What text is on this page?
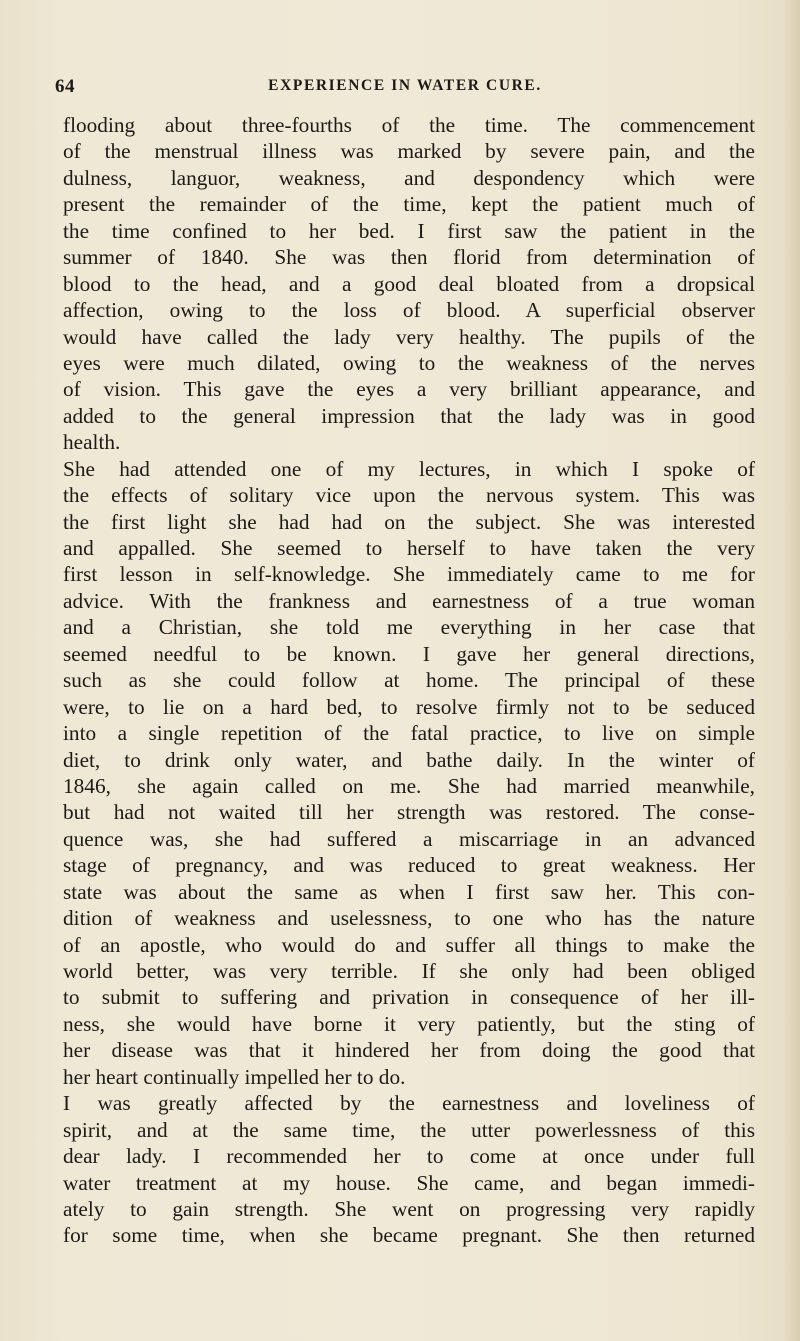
64	EXPERIENCE IN WATER CURE.
flooding about three-fourths of the time. The commencement
of the menstrual illness was marked by severe pain, and the
dulness, languor, weakness, and despondency which were
present the remainder of the time, kept the patient much of
the time confined to her bed. I first saw the patient in the
summer of 1840. She was then florid from determination of
blood to the head, and a good deal bloated from a dropsical
affection, owing to the loss of blood. A superficial observer
would have called the lady very healthy. The pupils of the
eyes were much dilated, owing to the weakness of the nerves
of vision. This gave the eyes a very brilliant appearance, and
added to the general impression that the lady was in good
health.
She had attended one of my lectures, in which I spoke of
the effects of solitary vice upon the nervous system. This was
the first light she had had on the subject. She was interested
and appalled. She seemed to herself to have taken the very
first lesson in self-knowledge. She immediately came to me for
advice. With the frankness and earnestness of a true woman
and a Christian, she told me everything in her case that
seemed needful to be known. I gave her general directions,
such as she could follow at home. The principal of these
were, to lie on a hard bed, to resolve firmly not to be seduced
into a single repetition of the fatal practice, to live on simple
diet, to drink only water, and bathe daily. In the winter of
1846, she again called on me. She had married meanwhile,
but had not waited till her strength was restored. The conse-
quence was, she had suffered a miscarriage in an advanced
stage of pregnancy, and was reduced to great weakness. Her
state was about the same as when I first saw her. This con-
dition of weakness and uselessness, to one who has the nature
of an apostle, who would do and suffer all things to make the
world better, was very terrible. If she only had been obliged
to submit to suffering and privation in consequence of her ill-
ness, she would have borne it very patiently, but the sting of
her disease was that it hindered her from doing the good that
her heart continually impelled her to do.
I was greatly affected by the earnestness and loveliness of
spirit, and at the same time, the utter powerlessness of this
dear lady. I recommended her to come at once under full
water treatment at my house. She came, and began immedi-
ately to gain strength. She went on progressing very rapidly
for some time, when she became pregnant. She then returned
